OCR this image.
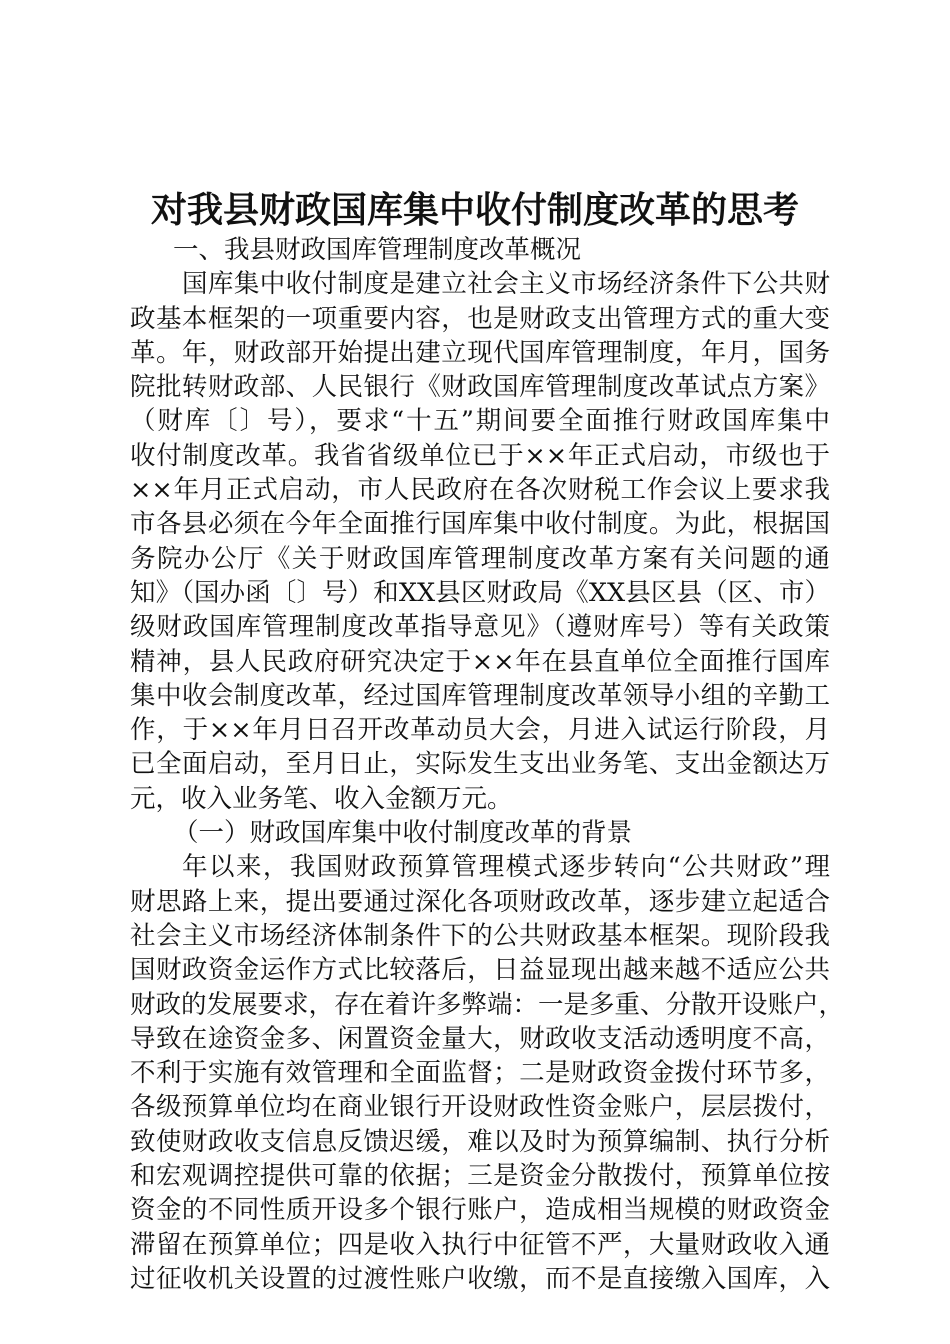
对我县财政国库集中收付制度改革的思考
一、我县财政国库管理制度改革概况
国库集中收付制度是建立社会主义市场经济条件下公共财
政基本框架的一项重要内容，也是财政支出管理方式的重大变
革。年，财政部开始提出建立现代国库管理制度，年月，国务
院批转财政部、人民银行《财政国库管理制度改革试点方案》
（财库〔〕号），要求“十五”期间要全面推行财政国库集中
收付制度改革。我省省级单位已于××年正式启动，市级也于
××年月正式启动，市人民政府在各次财税工作会议上要求我
市各县必须在今年全面推行国库集中收付制度。为此，根据国
务院办公厅《关于财政国库管理制度改革方案有关问题的通
知》（国办函〔〕号）和XX县区财政局《XX县区县（区、市）
级财政国库管理制度改革指导意见》（遵财库号）等有关政策
精神，县人民政府研究决定于××年在县直单位全面推行国库
集中收会制度改革，经过国库管理制度改革领导小组的辛勤工
作，于××年月日召开改革动员大会，月进入试运行阶段，月
已全面启动，至月日止，实际发生支出业务笔、支出金额达万
元，收入业务笔、收入金额万元。
（一）财政国库集中收付制度改革的背景
年以来，我国财政预算管理模式逐步转向“公共财政”理
财思路上来，提出要通过深化各项财政改革，逐步建立起适合
社会主义市场经济体制条件下的公共财政基本框架。现阶段我
国财政资金运作方式比较落后，日益显现出越来越不适应公共
财政的发展要求，存在着许多弊端：一是多重、分散开设账户，
导致在途资金多、闲置资金量大，财政收支活动透明度不高，
不利于实施有效管理和全面监督；二是财政资金拨付环节多，
各级预算单位均在商业银行开设财政性资金账户，层层拨付，
致使财政收支信息反馈迟缓，难以及时为预算编制、执行分析
和宏观调控提供可靠的依据；三是资金分散拨付，预算单位按
资金的不同性质开设多个银行账户，造成相当规模的财政资金
滞留在预算单位；四是收入执行中征管不严，大量财政收入通
过征收机关设置的过渡性账户收缴，而不是直接缴入国库，入
